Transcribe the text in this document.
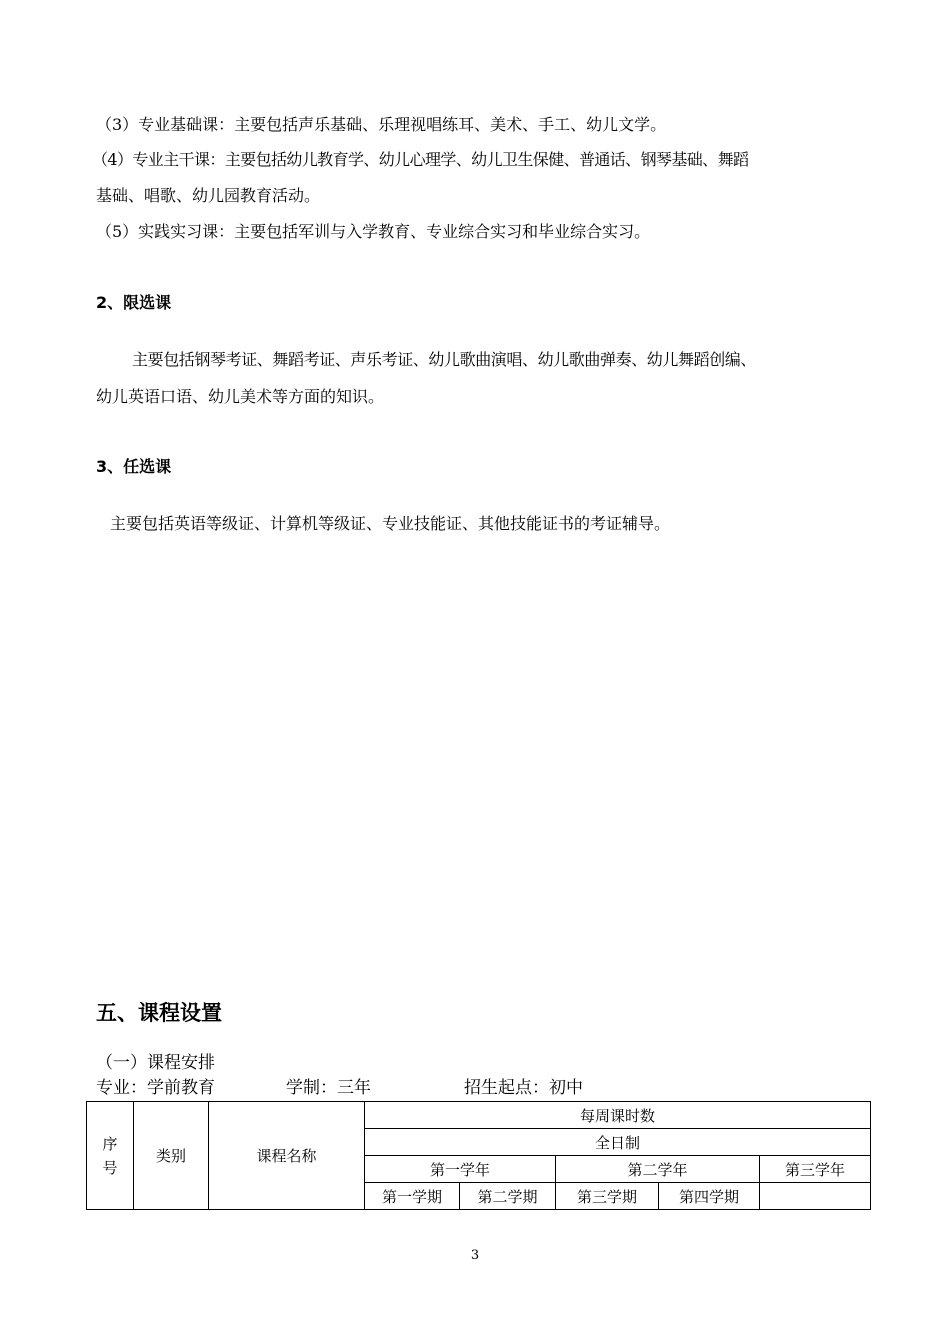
（3）专业基础课：主要包括声乐基础、乐理视唱练耳、美术、手工、幼儿文学。
（4）专业主干课：主要包括幼儿教育学、幼儿心理学、幼儿卫生保健、普通话、钢琴基础、舞蹈
基础、唱歌、幼儿园教育活动。
（5）实践实习课：主要包括军训与入学教育、专业综合实习和毕业综合实习。
2、限选课
主要包括钢琴考证、舞蹈考证、声乐考证、幼儿歌曲演唱、幼儿歌曲弹奏、幼儿舞蹈创编、
幼儿英语口语、幼儿美术等方面的知识。
3、任选课
主要包括英语等级证、计算机等级证、专业技能证、其他技能证书的考证辅导。
五、课程设置
（一）课程安排
专业：学前教育	学制：三年	招生起点：初中
序号	类别	课程名称	每周课时数				
			全日制				
			第一学年		第二学年		第三学年
			第一学期	第二学期	第三学期	第四学期	
3
